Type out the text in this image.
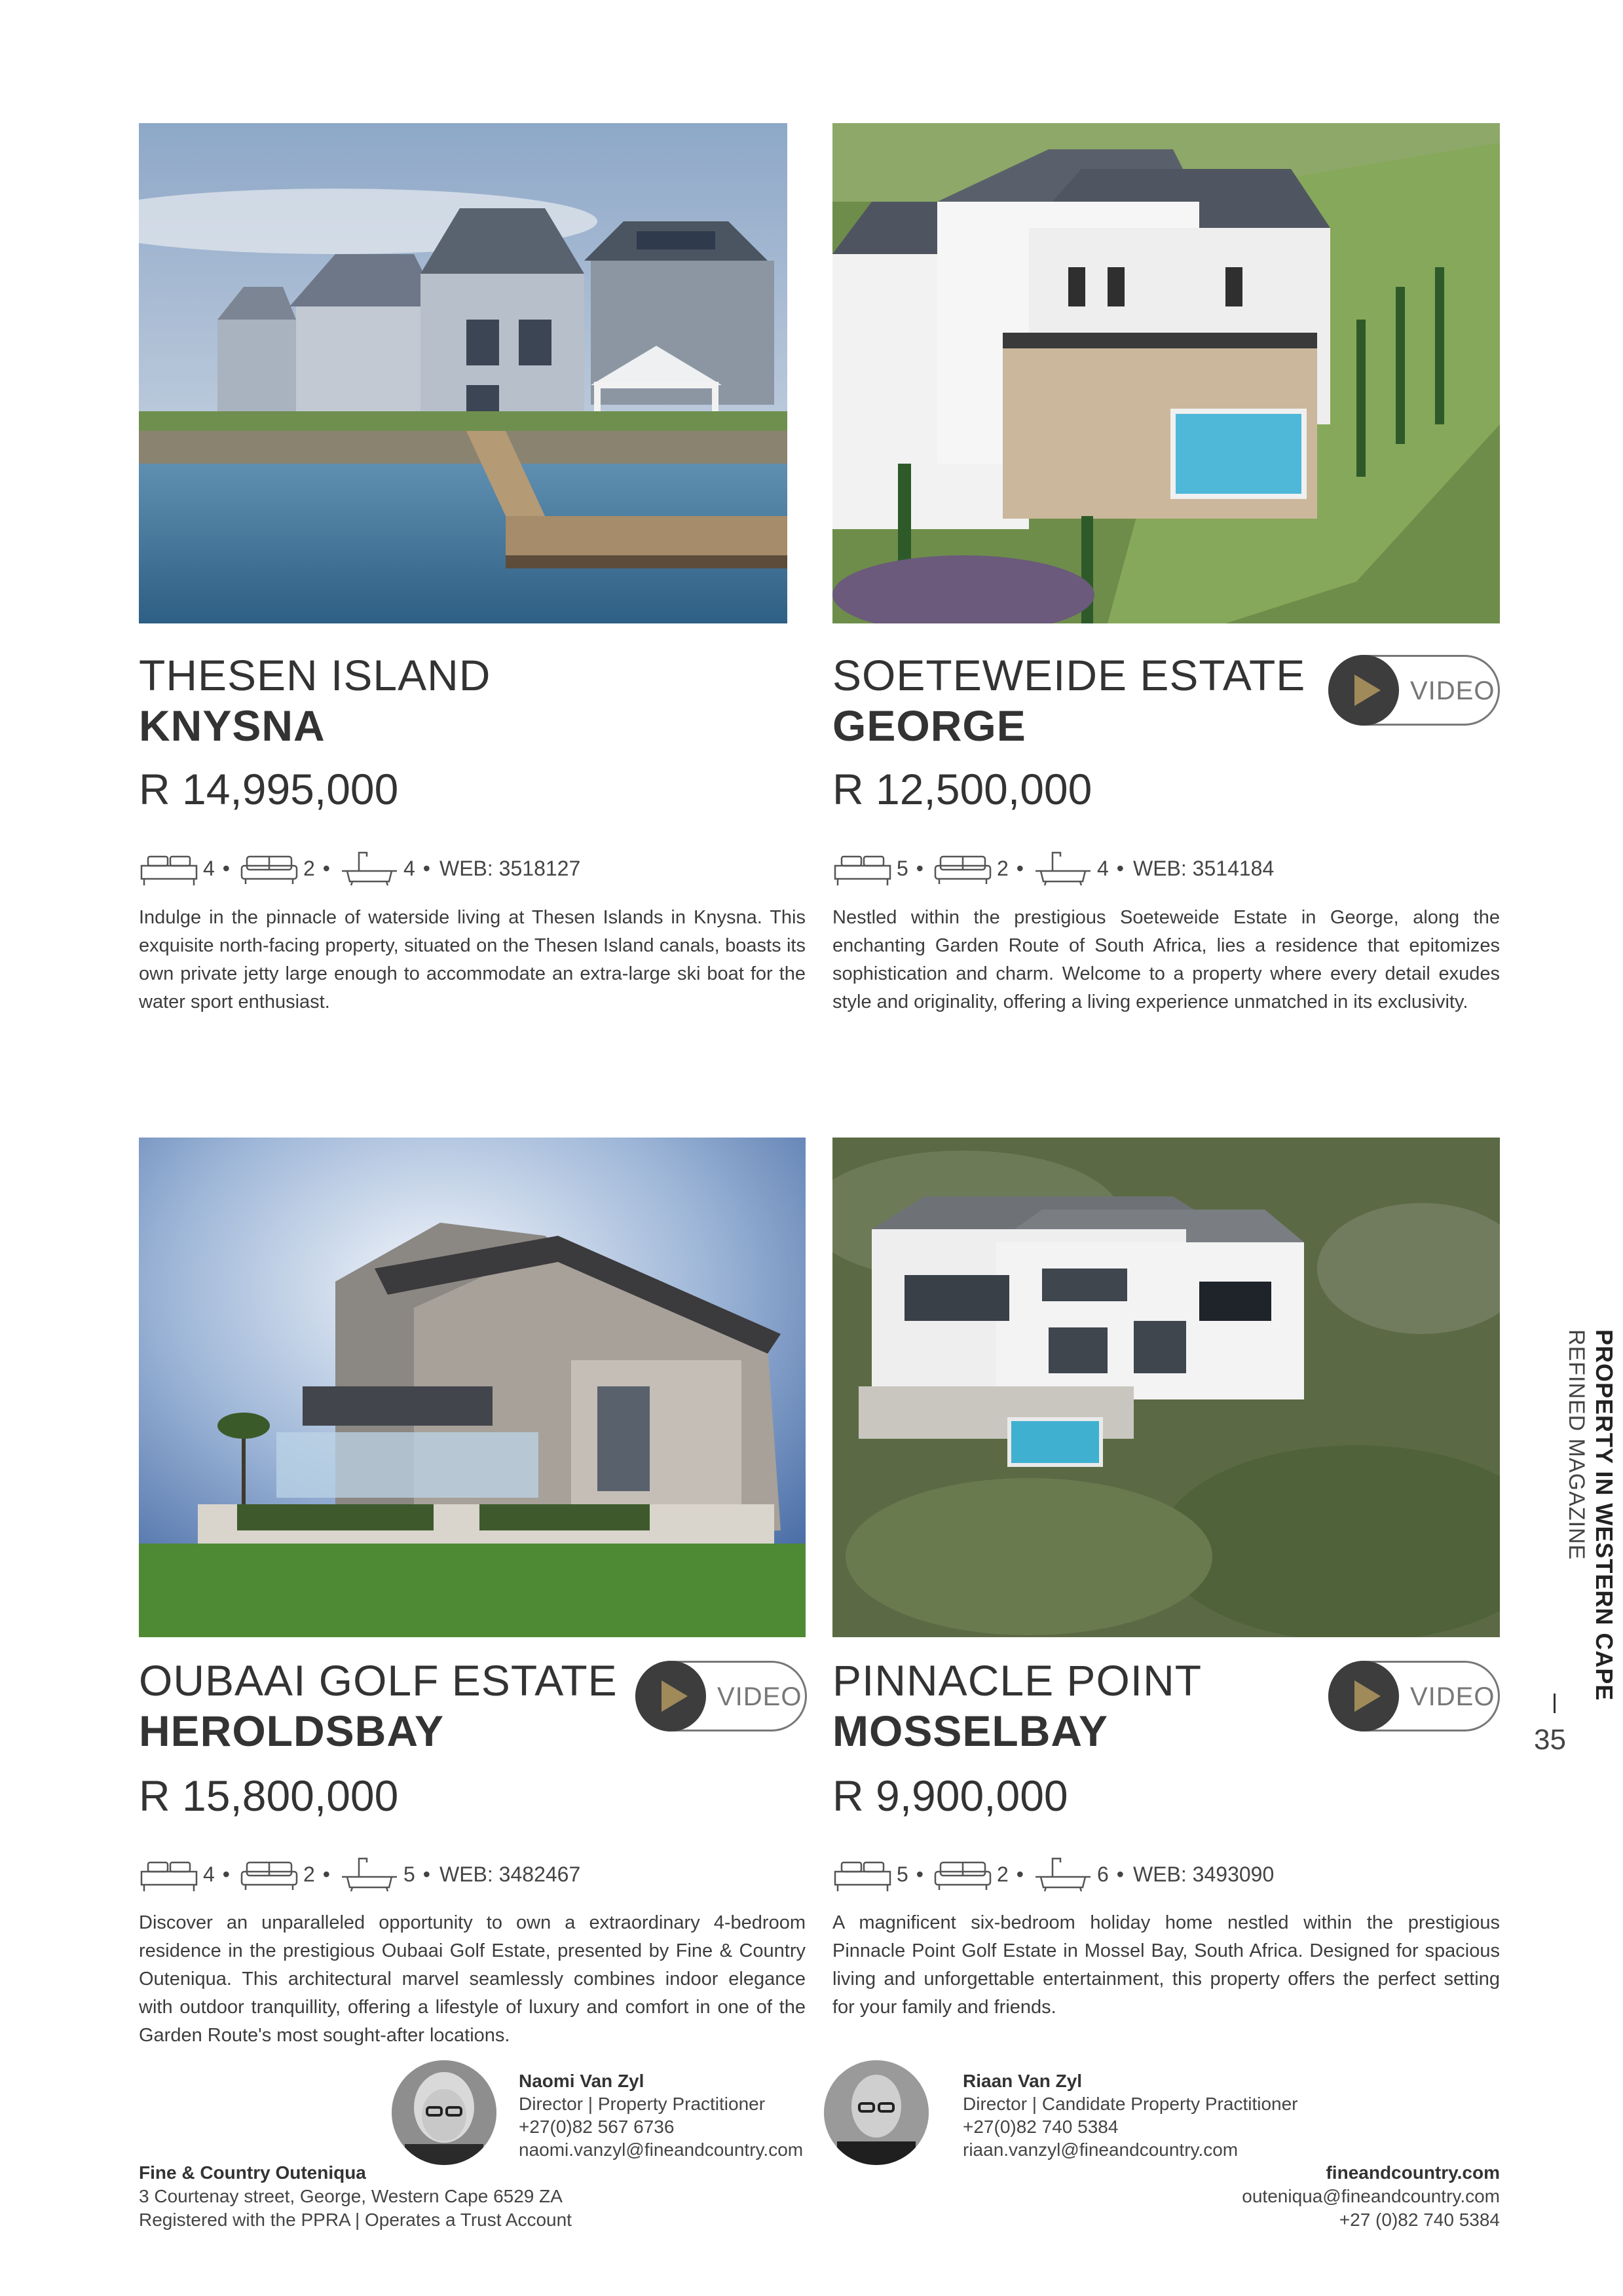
THESEN ISLAND
KNYSNA
R 14,995,000
4 •	2 •	4 • WEB: 3518127
Indulge in the pinnacle of waterside living at Thesen Islands in Knysna. This exquisite north-facing property, situated on the Thesen Island canals, boasts its own private jetty large enough to accommodate an extra-large ski boat for the water sport enthusiast.
SOETEWEIDE ESTATE
GEORGE
VIDEO
R 12,500,000
5 •	2 •	4 • WEB: 3514184
Nestled within the prestigious Soeteweide Estate in George, along the enchanting Garden Route of South Africa, lies a residence that epitomizes sophistication and charm. Welcome to a property where every detail exudes style and originality, offering a living experience unmatched in its exclusivity.
OUBAAI GOLF ESTATE
HEROLDSBAY
VIDEO
R 15,800,000
4 •	2 •	5 • WEB: 3482467
Discover an unparalleled opportunity to own a extraordinary 4-bedroom residence in the prestigious Oubaai Golf Estate, presented by Fine & Country Outeniqua. This architectural marvel seamlessly combines indoor elegance with outdoor tranquillity, offering a lifestyle of luxury and comfort in one of the Garden Route's most sought-after locations.
PINNACLE POINT
MOSSELBAY
VIDEO
R 9,900,000
5 •	2 •	6 • WEB: 3493090
A magnificent six-bedroom holiday home nestled within the prestigious Pinnacle Point Golf Estate in Mossel Bay, South Africa. Designed for spacious living and unforgettable entertainment, this property offers the perfect setting for your family and friends.
PROPERTY IN WESTERN CAPE
REFINED MAGAZINE
35
Naomi Van Zyl
Director | Property Practitioner
+27(0)82 567 6736
naomi.vanzyl@fineandcountry.com
Riaan Van Zyl
Director | Candidate Property Practitioner
+27(0)82 740 5384
riaan.vanzyl@fineandcountry.com
Fine & Country Outeniqua
3 Courtenay street, George, Western Cape 6529 ZA
Registered with the PPRA | Operates a Trust Account
fineandcountry.com
outeniqua@fineandcountry.com
+27 (0)82 740 5384
